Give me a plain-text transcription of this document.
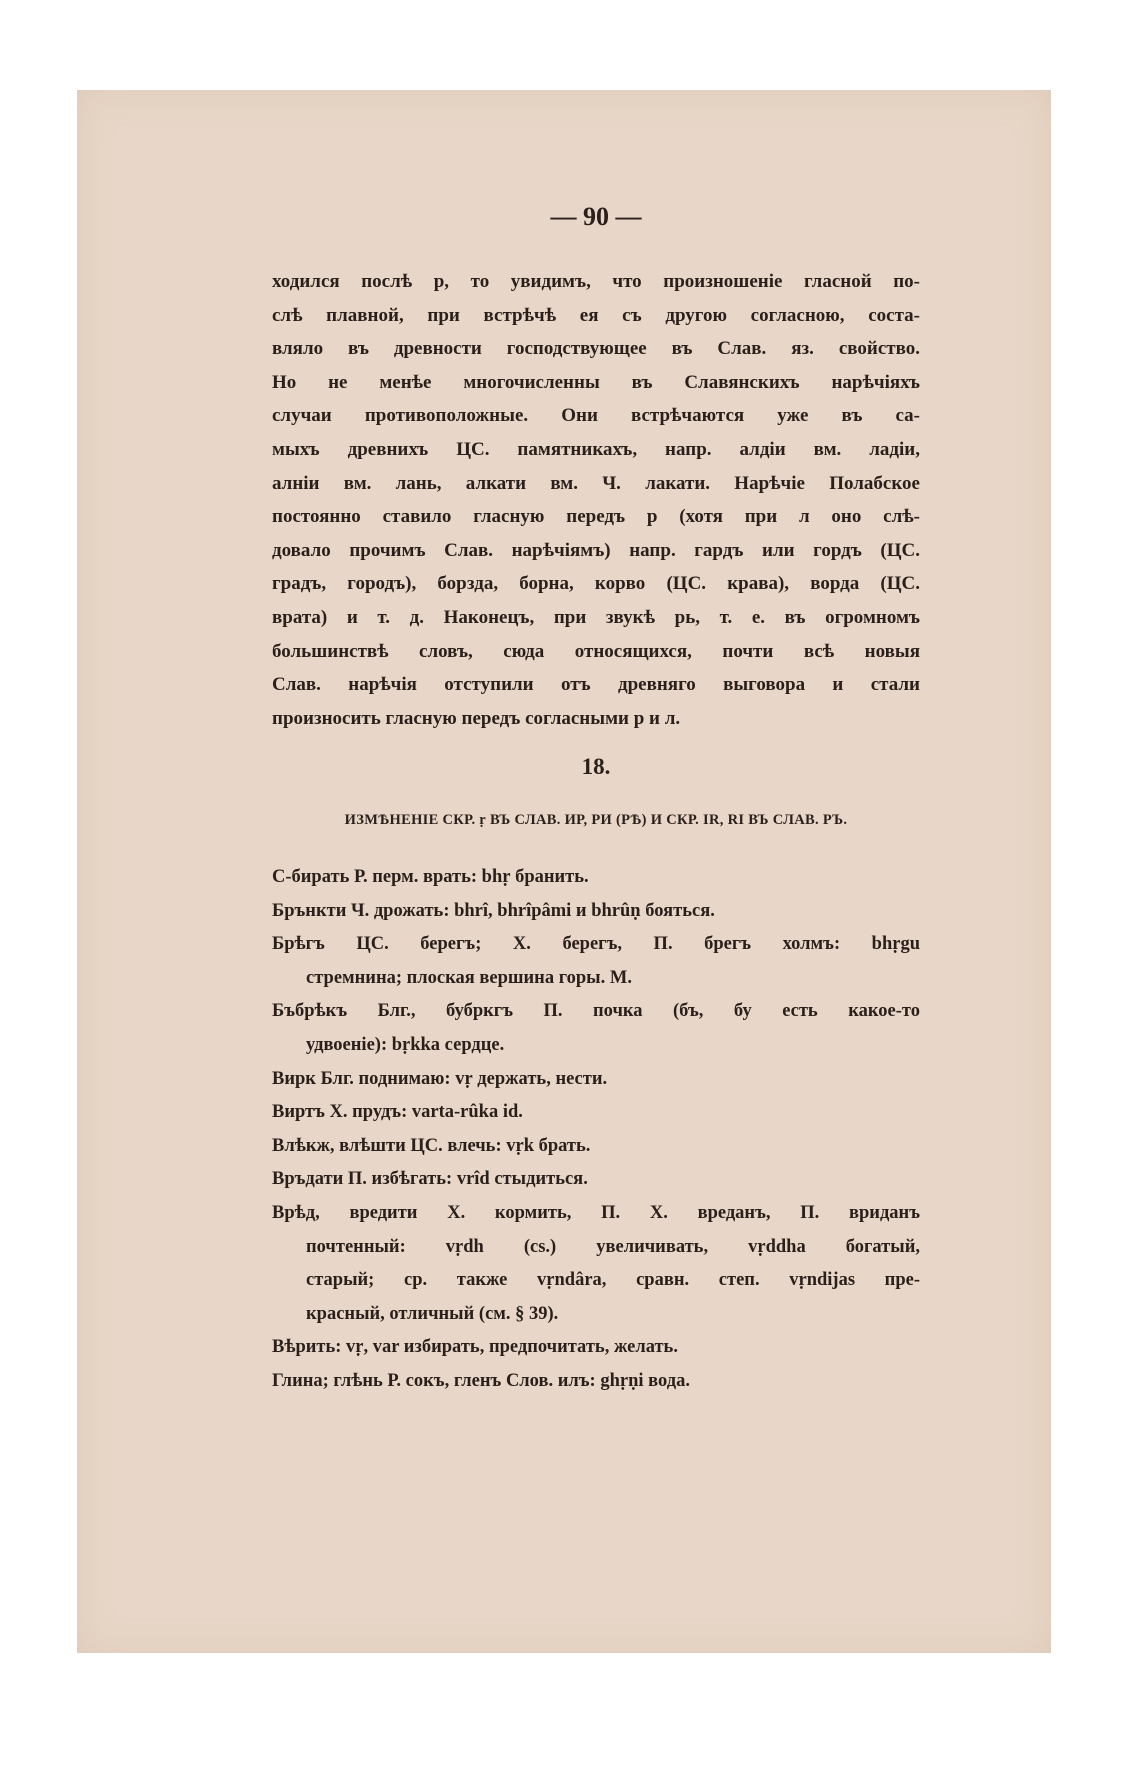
— 90 —

ходился послѣ р, то увидимъ, что произношеніе гласной по-
слѣ плавной, при встрѣчѣ ея съ другою согласною, соста-
вляло въ древности господствующее въ Слав. яз. свойство.
Но не менѣе многочисленны въ Славянскихъ нарѣчіяхъ
случаи противоположные. Они встрѣчаются уже въ са-
мыхъ древнихъ ЦС. памятникахъ, напр. алдіи вм. ладіи,
алніи вм. лань, алкати вм. Ч. лакати. Нарѣчіе Полабское
постоянно ставило гласную передъ р (хотя при л оно слѣ-
довало прочимъ Слав. нарѣчіямъ) напр. гардъ или гордъ (ЦС.
градъ, городъ), борзда, борна, корво (ЦС. крава), ворда (ЦС.
врата) и т. д. Наконецъ, при звукѣ рь, т. е. въ огромномъ
большинствѣ словъ, сюда относящихся, почти всѣ новыя
Слав. нарѣчія отступили отъ древняго выговора и стали
произносить гласную передъ согласными р и л.

18.
ИЗМѢНЕНІЕ СКР. ṛ ВЪ СЛАВ. ИР, РИ (РѢ) И СКР. ІR, RІ ВЪ СЛАВ. РЪ.
С-бирать Р. перм. врать: bhṛ бранить.
Брънкти Ч. дрожать: bhrî, bhrîpâmi и bhrûṇ бояться.
Брѣгъ ЦС. берегъ; Х. берегъ, П. брегъ холмъ: bhṛgu
стремнина; плоская вершина горы. М.
Бъбрѣкъ Блг., бубркгъ П. почка (бъ, бу есть какое-то
удвоеніе): bṛkka сердце.
Вирк Блг. поднимаю: vṛ держать, нести.
Виртъ Х. прудъ: varta-rûka id.
Влѣкж, влѣшти ЦС. влечь: vṛk брать.
Връдати П. избѣгать: vrîd стыдиться.
Врѣд, вредити Х. кормить, П. Х. вреданъ, П. вриданъ
почтенный: vṛdh (cs.) увеличивать, vṛddha богатый,
старый; ср. также vṛndâra, сравн. степ. vṛndijas пре-
красный, отличный (см. § 39).
Вѣрить: vṛ, var избирать, предпочитать, желать.
Глина; глѣнь Р. сокъ, гленъ Слов. илъ: ghṛṇi вода.
